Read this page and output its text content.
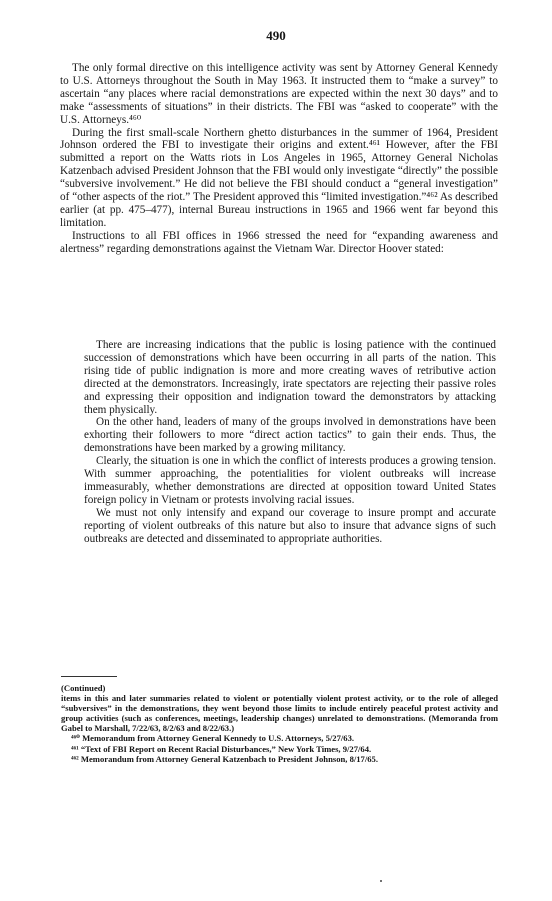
490

The only formal directive on this intelligence activity was sent by Attorney General Kennedy to U.S. Attorneys throughout the South in May 1963. It instructed them to “make a survey” to ascertain “any places where racial demonstrations are expected within the next 30 days” and to make “assessments of situations” in their districts. The FBI was “asked to cooperate” with the U.S. Attorneys.⁴⁶⁰

During the first small-scale Northern ghetto disturbances in the summer of 1964, President Johnson ordered the FBI to investigate their origins and extent.⁴⁶¹ However, after the FBI submitted a report on the Watts riots in Los Angeles in 1965, Attorney General Nicholas Katzenbach advised President Johnson that the FBI would only investigate “directly” the possible “subversive involvement.” He did not believe the FBI should conduct a “general investigation” of “other aspects of the riot.” The President approved this “limited investigation.”⁴⁶² As described earlier (at pp. 475–477), internal Bureau instructions in 1965 and 1966 went far beyond this limitation.

Instructions to all FBI offices in 1966 stressed the need for “expanding awareness and alertness” regarding demonstrations against the Vietnam War. Director Hoover stated:

There are increasing indications that the public is losing patience with the continued succession of demonstrations which have been occurring in all parts of the nation. This rising tide of public indignation is more and more creating waves of retributive action directed at the demonstrators. Increasingly, irate spectators are rejecting their passive roles and expressing their opposition and indignation toward the demonstrators by attacking them physically.

On the other hand, leaders of many of the groups involved in demonstrations have been exhorting their followers to more “direct action tactics” to gain their ends. Thus, the demonstrations have been marked by a growing militancy.

Clearly, the situation is one in which the conflict of interests produces a growing tension. With summer approaching, the potentialities for violent outbreaks will increase immeasurably, whether demonstrations are directed at opposition toward United States foreign policy in Vietnam or protests involving racial issues.

We must not only intensify and expand our coverage to insure prompt and accurate reporting of violent outbreaks of this nature but also to insure that advance signs of such outbreaks are detected and disseminated to appropriate authorities.

(Continued)

items in this and later summaries related to violent or potentially violent protest activity, or to the role of alleged “subversives” in the demonstrations, they went beyond those limits to include entirely peaceful protest activity and group activities (such as conferences, meetings, leadership changes) unrelated to demonstrations. (Memoranda from Gabel to Marshall, 7/22/63, 8/2/63 and 8/22/63.)

⁴⁶⁰ Memorandum from Attorney General Kennedy to U.S. Attorneys, 5/27/63.

⁴⁶¹ “Text of FBI Report on Recent Racial Disturbances,” New York Times, 9/27/64.

⁴⁶² Memorandum from Attorney General Katzenbach to President Johnson, 8/17/65.
